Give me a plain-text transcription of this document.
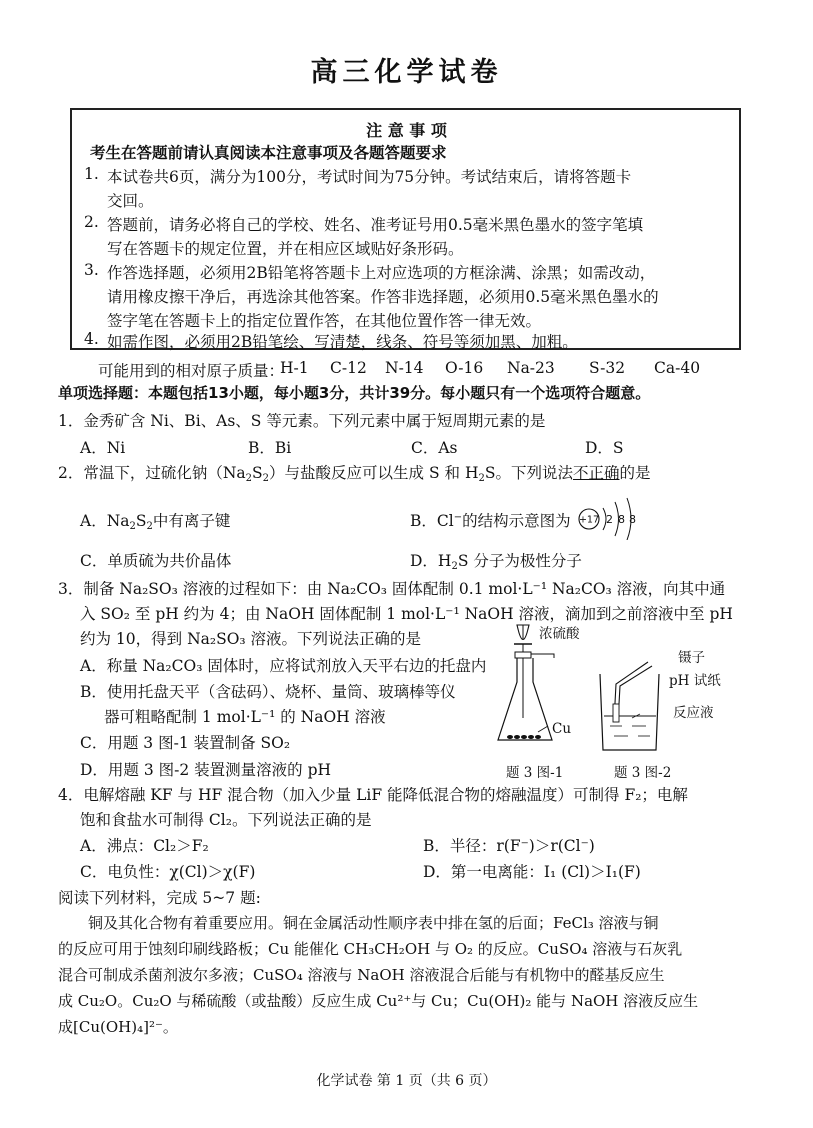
高三化学试卷
注 意 事 项
考生在答题前请认真阅读本注意事项及各题答题要求
1. 本试卷共6页，满分为100分，考试时间为75分钟。考试结束后，请将答题卡
交回。
2. 答题前，请务必将自己的学校、姓名、准考证号用0.5毫米黑色墨水的签字笔填
写在答题卡的规定位置，并在相应区域贴好条形码。
3. 作答选择题，必须用2B铅笔将答题卡上对应选项的方框涂满、涂黑；如需改动，
请用橡皮擦干净后，再选涂其他答案。作答非选择题，必须用0.5毫米黑色墨水的
签字笔在答题卡上的指定位置作答，在其他位置作答一律无效。
4. 如需作图，必须用2B铅笔绘、写清楚，线条、符号等须加黑、加粗。
可能用到的相对原子质量：
H-1 C-12 N-14 O-16 Na-23 S-32 Ca-40
单项选择题：本题包括13小题，每小题3分，共计39分。每小题只有一个选项符合题意。
1．金秀矿含 Ni、Bi、As、S 等元素。下列元素中属于短周期元素的是
A．Ni	B．Bi	C．As	D．S
2．常温下，过硫化钠$(Na_2S_2)$与盐酸反应可以生成 S 和 $H_2S$。下列说法不正确的是
A．$Na_2S_2$中有离子键	B．Cl−的结构示意图为 +17 2 8 8
C．单质硫为共价晶体	D．$H_2S$ 分子为极性分子
3．制备 Na₂SO₃ 溶液的过程如下：由 Na₂CO₃ 固体配制 0.1 mol·L⁻¹ Na₂CO₃ 溶液，向其中通
入 SO₂ 至 pH 约为 4；由 NaOH 固体配制 1 mol·L⁻¹ NaOH 溶液，滴加到之前溶液中至 pH
约为 10，得到 Na₂SO₃ 溶液。下列说法正确的是
A．称量 Na₂CO₃ 固体时，应将试剂放入天平右边的托盘内
B．使用托盘天平（含砝码）、烧杯、量筒、玻璃棒等仪
器可粗略配制 1 mol·L⁻¹ 的 NaOH 溶液
C．用题 3 图-1 装置制备 SO₂
D．用题 3 图-2 装置测量溶液的 pH
浓硫酸
Cu
题 3 图-1
镊子
pH 试纸
反应液
题 3 图-2
4．电解熔融 KF 与 HF 混合物（加入少量 LiF 能降低混合物的熔融温度）可制得 F₂；电解
饱和食盐水可制得 Cl₂。下列说法正确的是
A．沸点：Cl₂＞F₂	B．半径：r(F⁻)＞r(Cl⁻)
C．电负性：χ(Cl)＞χ(F)	D．第一电离能：I₁ (Cl)＞I₁(F)
阅读下列材料，完成 5~7 题:
铜及其化合物有着重要应用。铜在金属活动性顺序表中排在氢的后面；FeCl₃ 溶液与铜
的反应可用于蚀刻印刷线路板；Cu 能催化 CH₃CH₂OH 与 O₂ 的反应。CuSO₄ 溶液与石灰乳
混合可制成杀菌剂波尔多液；CuSO₄ 溶液与 NaOH 溶液混合后能与有机物中的醛基反应生
成 Cu₂O。Cu₂O 与稀硫酸（或盐酸）反应生成 Cu²⁺与 Cu；Cu(OH)₂ 能与 NaOH 溶液反应生
成[Cu(OH)₄]²⁻。
化学试卷 第 1 页（共 6 页）
